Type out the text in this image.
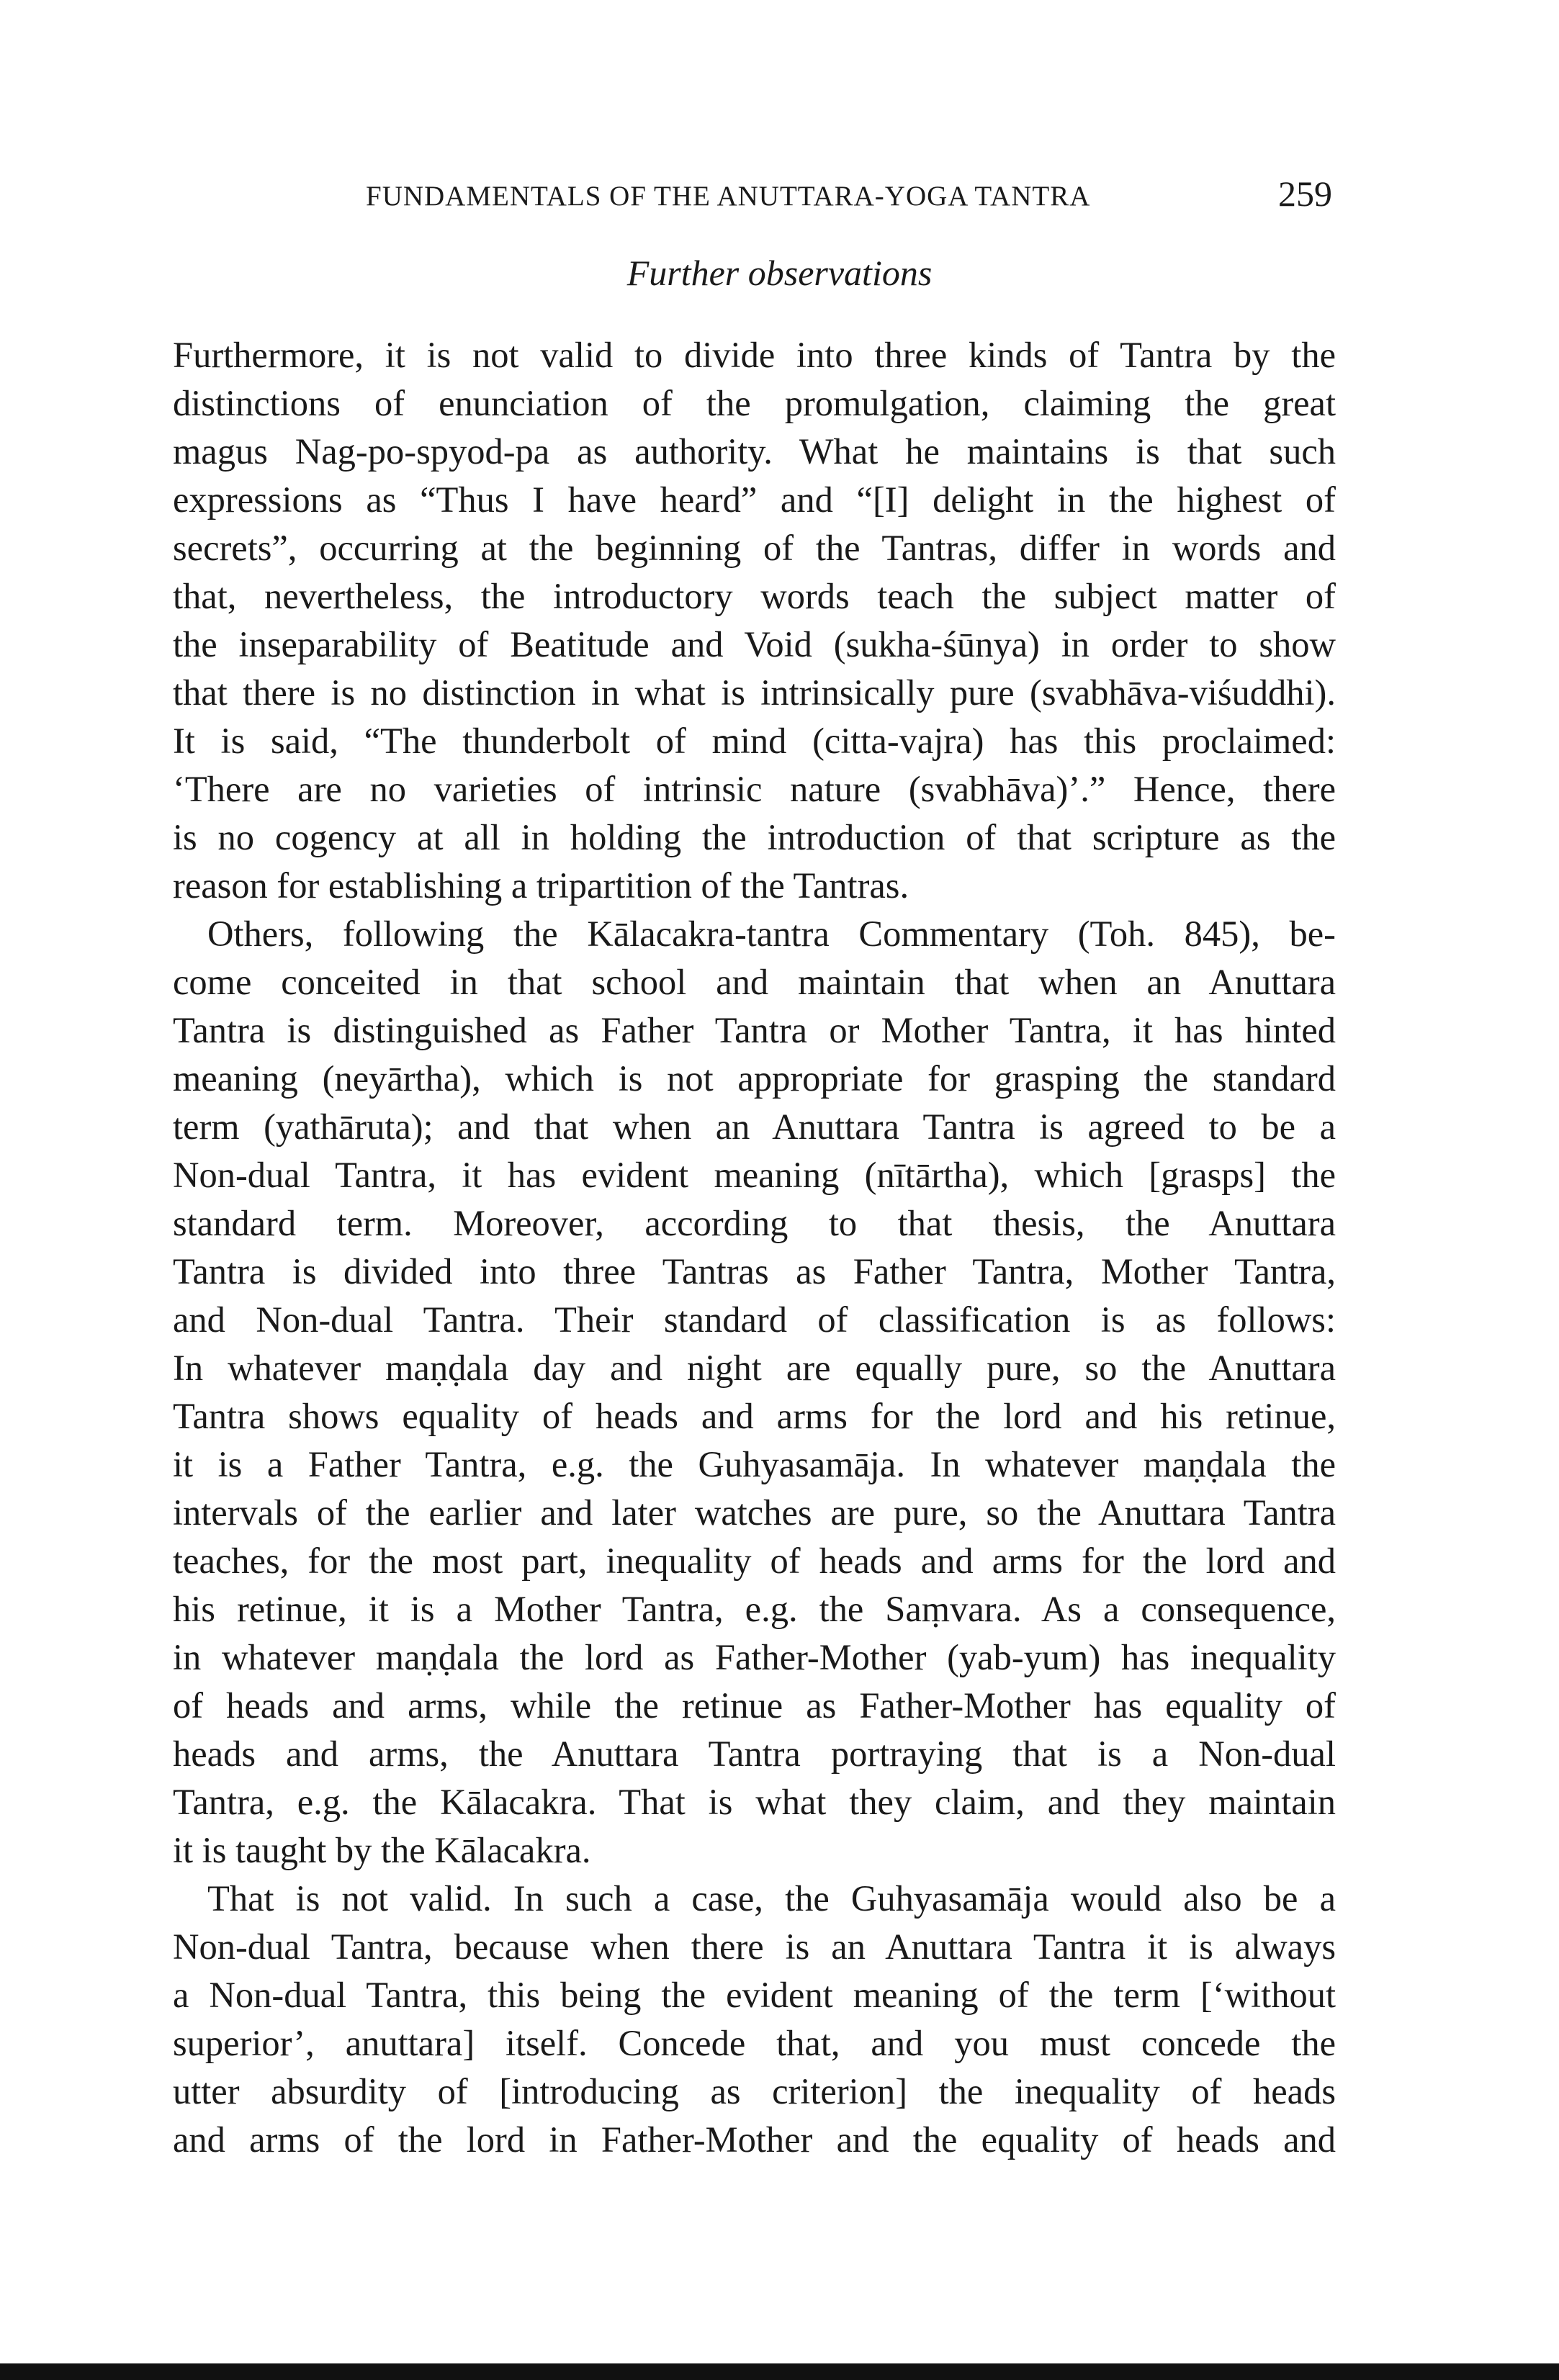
FUNDAMENTALS OF THE ANUTTARA-YOGA TANTRA	259
Further observations
Furthermore, it is not valid to divide into three kinds of Tantra by the
distinctions of enunciation of the promulgation, claiming the great
magus Nag-po-spyod-pa as authority. What he maintains is that such
expressions as “Thus I have heard” and “[I] delight in the highest of
secrets”, occurring at the beginning of the Tantras, differ in words and
that, nevertheless, the introductory words teach the subject matter of
the inseparability of Beatitude and Void (sukha-śūnya) in order to show
that there is no distinction in what is intrinsically pure (svabhāva-viśuddhi).
It is said, “The thunderbolt of mind (citta-vajra) has this proclaimed:
‘There are no varieties of intrinsic nature (svabhāva)’.” Hence, there
is no cogency at all in holding the introduction of that scripture as the
reason for establishing a tripartition of the Tantras.
Others, following the Kālacakra-tantra Commentary (Toh. 845), be-
come conceited in that school and maintain that when an Anuttara
Tantra is distinguished as Father Tantra or Mother Tantra, it has hinted
meaning (neyārtha), which is not appropriate for grasping the standard
term (yathāruta); and that when an Anuttara Tantra is agreed to be a
Non-dual Tantra, it has evident meaning (nītārtha), which [grasps] the
standard term. Moreover, according to that thesis, the Anuttara
Tantra is divided into three Tantras as Father Tantra, Mother Tantra,
and Non-dual Tantra. Their standard of classification is as follows:
In whatever maṇḍala day and night are equally pure, so the Anuttara
Tantra shows equality of heads and arms for the lord and his retinue,
it is a Father Tantra, e.g. the Guhyasamāja. In whatever maṇḍala the
intervals of the earlier and later watches are pure, so the Anuttara Tantra
teaches, for the most part, inequality of heads and arms for the lord and
his retinue, it is a Mother Tantra, e.g. the Saṃvara. As a consequence,
in whatever maṇḍala the lord as Father-Mother (yab-yum) has inequality
of heads and arms, while the retinue as Father-Mother has equality of
heads and arms, the Anuttara Tantra portraying that is a Non-dual
Tantra, e.g. the Kālacakra. That is what they claim, and they maintain
it is taught by the Kālacakra.
That is not valid. In such a case, the Guhyasamāja would also be a
Non-dual Tantra, because when there is an Anuttara Tantra it is always
a Non-dual Tantra, this being the evident meaning of the term [‘without
superior’, anuttara] itself. Concede that, and you must concede the
utter absurdity of [introducing as criterion] the inequality of heads
and arms of the lord in Father-Mother and the equality of heads and
